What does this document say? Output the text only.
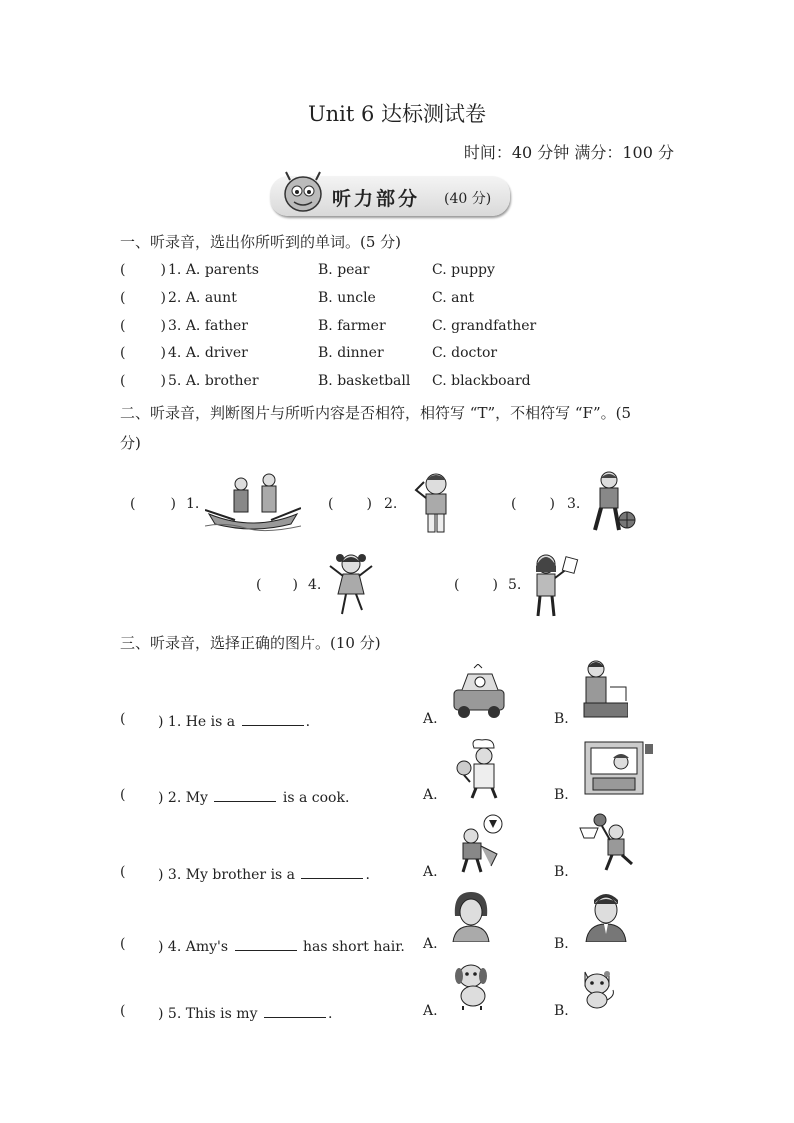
Unit 6 达标测试卷
时间：40 分钟 满分：100 分
听力部分 (40 分)
一、听录音，选出你所听到的单词。(5 分)
1. A. parents	B. pear	C. puppy
2. A. aunt	B. uncle	C. ant
3. A. father	B. farmer	C. grandfather
4. A. driver	B. dinner	C. doctor
5. A. brother	B. basketball C. blackboard
二、听录音，判断图片与所听内容是否相符，相符写 “T”，不相符写 “F”。(5
分)
1.	2.	3.
4.	5.
三、听录音，选择正确的图片。(10 分)
( ) 1. He is a	.	A.	B.
( ) 2. My	is a cook.	A.	B.
( ) 3. My brother is a	.	A.	B.
( ) 4. Amy's	has short hair. A.	B.
( ) 5. This is my	.	A.	B.
